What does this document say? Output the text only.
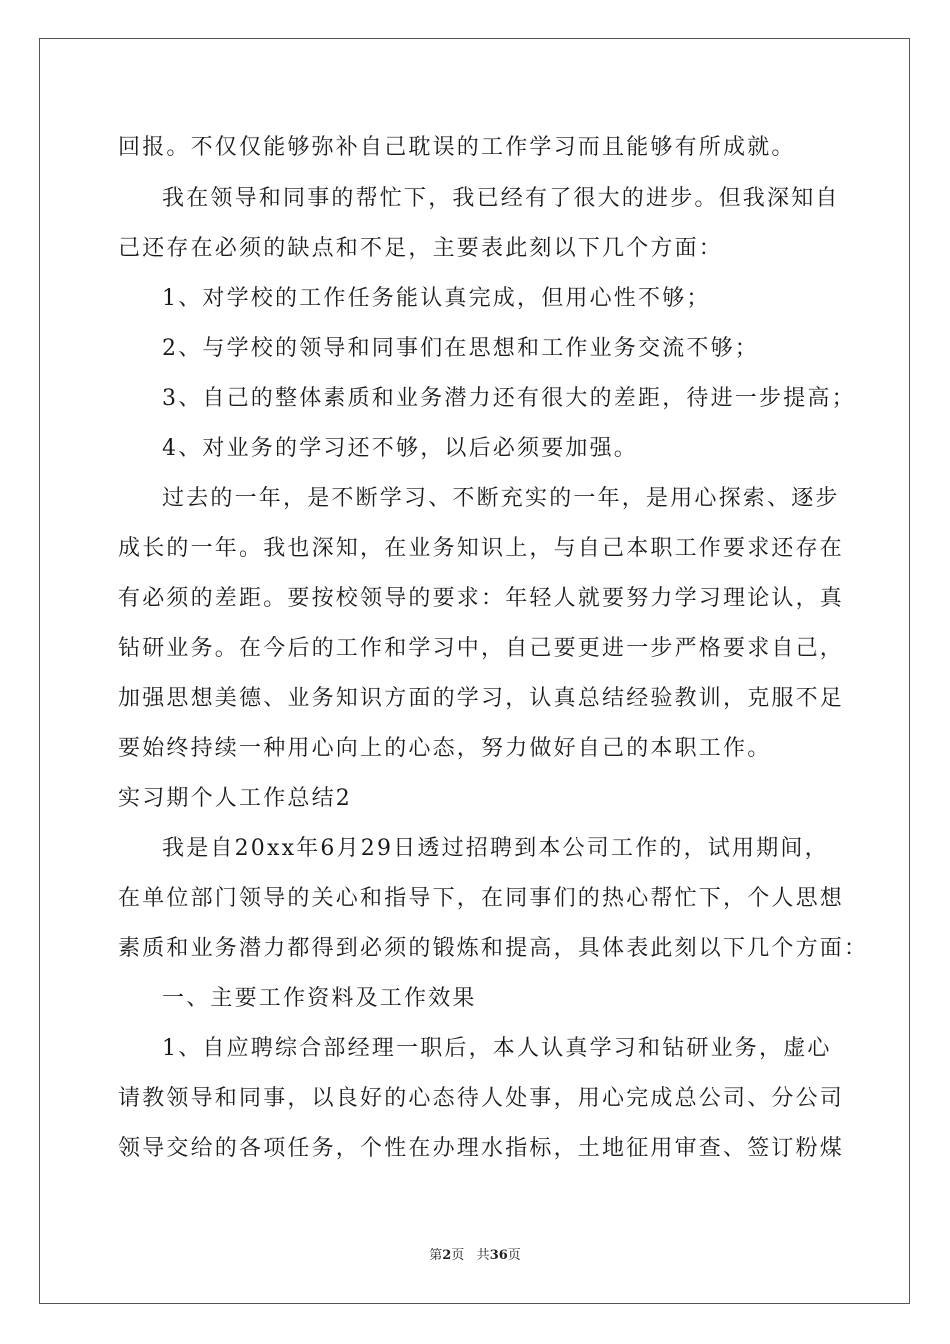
回报。不仅仅能够弥补自己耽误的工作学习而且能够有所成就。
我在领导和同事的帮忙下，我已经有了很大的进步。但我深知自
己还存在必须的缺点和不足，主要表此刻以下几个方面：
1、对学校的工作任务能认真完成，但用心性不够；
2、与学校的领导和同事们在思想和工作业务交流不够；
3、自己的整体素质和业务潜力还有很大的差距，待进一步提高；
4、对业务的学习还不够，以后必须要加强。
过去的一年，是不断学习、不断充实的一年，是用心探索、逐步
成长的一年。我也深知，在业务知识上，与自己本职工作要求还存在
有必须的差距。要按校领导的要求：年轻人就要努力学习理论认，真
钻研业务。在今后的工作和学习中，自己要更进一步严格要求自己，
加强思想美德、业务知识方面的学习，认真总结经验教训，克服不足
要始终持续一种用心向上的心态，努力做好自己的本职工作。
实习期个人工作总结2
我是自20xx年6月29日透过招聘到本公司工作的，试用期间，
在单位部门领导的关心和指导下，在同事们的热心帮忙下，个人思想
素质和业务潜力都得到必须的锻炼和提高，具体表此刻以下几个方面：
一、主要工作资料及工作效果
1、自应聘综合部经理一职后，本人认真学习和钻研业务，虚心
请教领导和同事，以良好的心态待人处事，用心完成总公司、分公司
领导交给的各项任务，个性在办理水指标，土地征用审查、签订粉煤
第2页 共36页
